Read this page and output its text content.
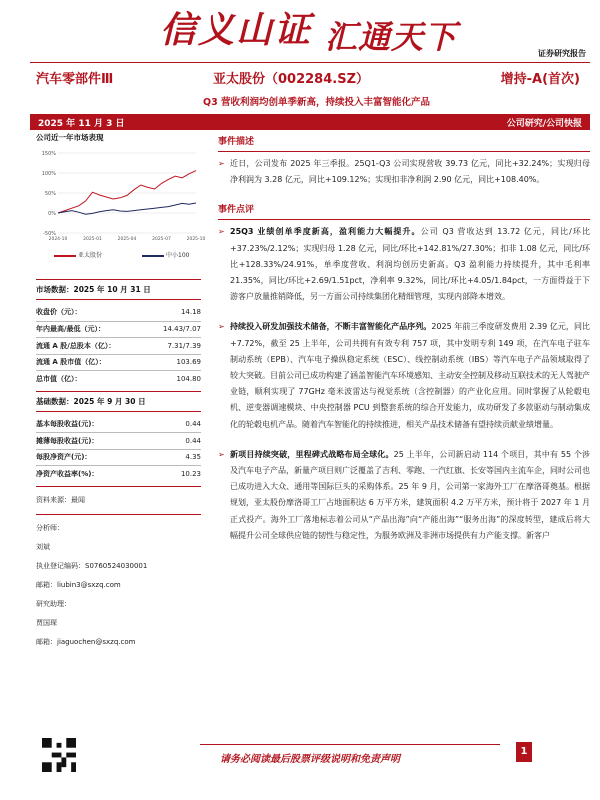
信义山证 汇通天下	证券研究报告
汽车零部件Ⅲ	亚太股份（002284.SZ）	增持-A(首次)
Q3 营收利润均创单季新高，持续投入丰富智能化产品
2025 年 11 月 3 日	公司研究/公司快报
公司近一年市场表现
150%
100%
50%
0%
-50%
2024-10	2025-01	2025-04	2025-07	2025-10
亚太股份	中小100
市场数据：2025 年 10 月 31 日
收盘价（元）：	14.18
年内最高/最低（元）：	14.43/7.07
流通 A 股/总股本（亿）：	7.31/7.39
流通 A 股市值（亿）：	103.69
总市值（亿）：	104.80
基础数据：2025 年 9 月 30 日
基本每股收益(元)：	0.44
摊薄每股收益(元)：	0.44
每股净资产(元)：	4.35
净资产收益率(%)：	10.23
资料来源：最闻
分析师：
刘斌
执业登记编码：S0760524030001
邮箱：liubin3@sxzq.com
研究助理：
贾国琛
邮箱：jiaguochen@sxzq.com
事件描述
➢ 近日，公司发布 2025 年三季报。25Q1-Q3 公司实现营收 39.73 亿元，同比+32.24%；实现归母净利润为 3.28 亿元，同比+109.12%；实现扣非净利润 2.90 亿元，同比+108.40%。
事件点评
➢ 25Q3 业绩创单季度新高，盈利能力大幅提升。公司 Q3 营收达到 13.72 亿元，同比/环比+37.23%/2.12%；实现归母 1.28 亿元，同比/环比+142.81%/27.30%；扣非 1.08 亿元，同比/环比+128.33%/24.91%，单季度营收、利润均创历史新高。Q3 盈利能力持续提升，其中毛利率 21.35%，同比/环比+2.69/1.51pct，净利率 9.32%，同比/环比+4.05/1.84pct，一方面得益于下游客户放量推销降低，另一方面公司持续集团化精细管理，实现内部降本增效。
➢ 持续投入研发加强技术储备，不断丰富智能化产品序列。2025 年前三季度研发费用 2.39 亿元，同比+7.72%，截至 25 上半年，公司共拥有有效专利 757 项，其中发明专利 149 项，在汽车电子驻车制动系统（EPB）、汽车电子操纵稳定系统（ESC）、线控制动系统（IBS）等汽车电子产品领域取得了较大突破。目前公司已成功构建了涵盖智能汽车环境感知、主动安全控制及移动互联技术的无人驾驶产业链，顺利实现了 77GHz 毫米波雷达与视觉系统（含控制器）的产业化应用。同时掌握了从轮毂电机、逆变器调速模块、中央控制器 PCU 到整套系统的综合开发能力，成功研发了多款驱动与制动集成化的轮毂电机产品。随着汽车智能化的持续推进，相关产品技术储备有望持续贡献业绩增量。
➢ 新项目持续突破，里程碑式战略布局全球化。25 上半年，公司新启动 114 个项目，其中有 55 个涉及汽车电子产品，新量产项目则广泛覆盖了吉利、零跑、一汽红旗、长安等国内主流车企，同时公司也已成功进入大众、通用等国际巨头的采购体系。25 年 9 月，公司第一家海外工厂在摩洛哥奠基。根据规划，亚太股份摩洛哥工厂占地面积达 6 万平方米，建筑面积 4.2 万平方米，预计将于 2027 年 1 月正式投产。海外工厂落地标志着公司从“产品出海”向“产能出海”“服务出海”的深度转型，建成后将大幅提升公司全球供应链的韧性与稳定性，为服务欧洲及非洲市场提供有力产能支撑。新客户
请务必阅读最后股票评级说明和免责声明
1
